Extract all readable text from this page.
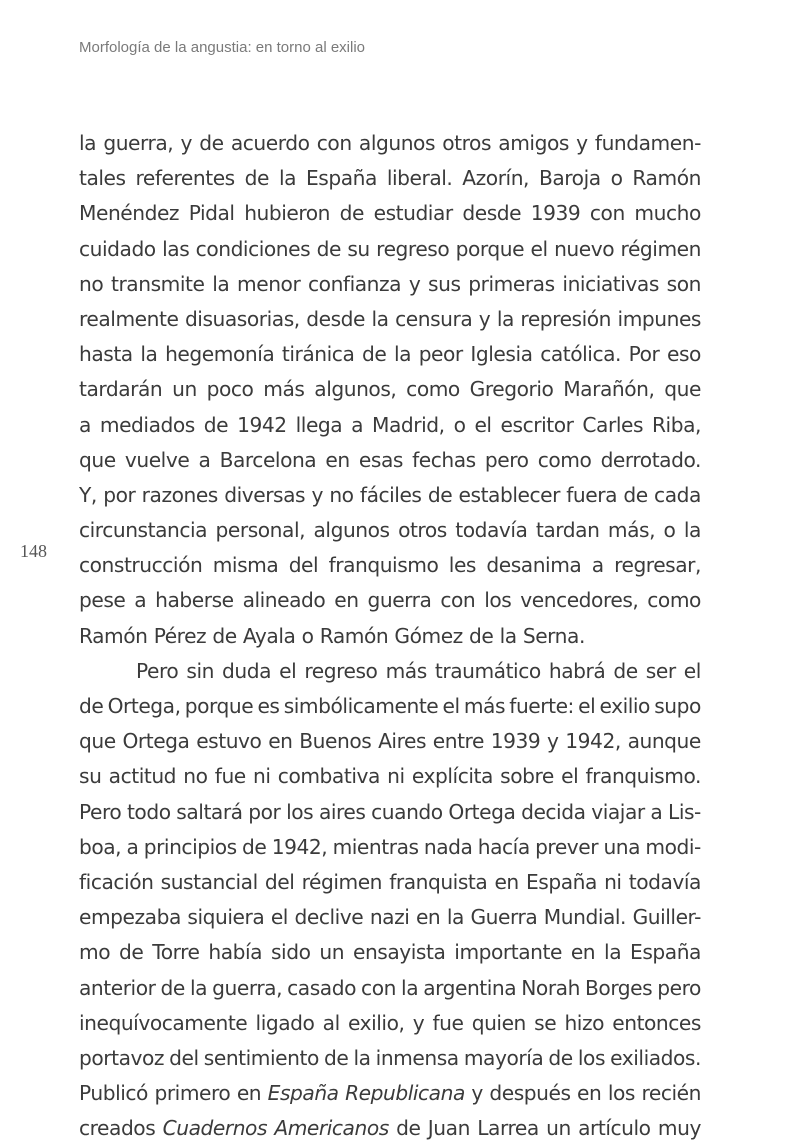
Morfología de la angustia: en torno al exilio
148
la guerra, y de acuerdo con algunos otros amigos y fundamen-
tales referentes de la España liberal. Azorín, Baroja o Ramón
Menéndez Pidal hubieron de estudiar desde 1939 con mucho
cuidado las condiciones de su regreso porque el nuevo régimen
no transmite la menor confianza y sus primeras iniciativas son
realmente disuasorias, desde la censura y la represión impunes
hasta la hegemonía tiránica de la peor Iglesia católica. Por eso
tardarán un poco más algunos, como Gregorio Marañón, que
a mediados de 1942 llega a Madrid, o el escritor Carles Riba,
que vuelve a Barcelona en esas fechas pero como derrotado.
Y, por razones diversas y no fáciles de establecer fuera de cada
circunstancia personal, algunos otros todavía tardan más, o la
construcción misma del franquismo les desanima a regresar,
pese a haberse alineado en guerra con los vencedores, como
Ramón Pérez de Ayala o Ramón Gómez de la Serna.
Pero sin duda el regreso más traumático habrá de ser el
de Ortega, porque es simbólicamente el más fuerte: el exilio supo
que Ortega estuvo en Buenos Aires entre 1939 y 1942, aunque
su actitud no fue ni combativa ni explícita sobre el franquismo.
Pero todo saltará por los aires cuando Ortega decida viajar a Lis-
boa, a principios de 1942, mientras nada hacía prever una modi-
ficación sustancial del régimen franquista en España ni todavía
empezaba siquiera el declive nazi en la Guerra Mundial. Guiller-
mo de Torre había sido un ensayista importante en la España
anterior de la guerra, casado con la argentina Norah Borges pero
inequívocamente ligado al exilio, y fue quien se hizo entonces
portavoz del sentimiento de la inmensa mayoría de los exiliados.
Publicó primero en España Republicana y después en los recién
creados Cuadernos Americanos de Juan Larrea un artículo muy
